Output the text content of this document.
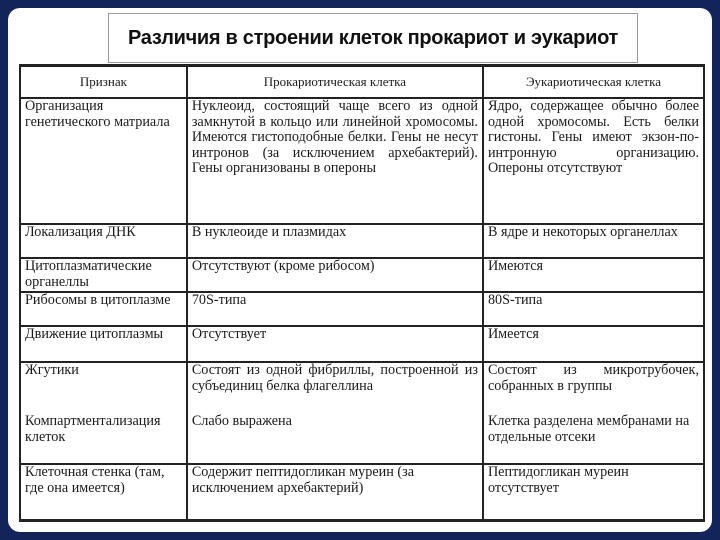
Различия в строении клеток прокариот и эукариот
Признак	Прокариотическая клетка	Эукариотическая клетка
Организация генетического матриала	Нуклеоид, состоящий чаще всего из одной замкнутой в кольцо или линейной хромосомы. Имеются гистоподобные белки. Гены не несут интронов (за исключением архебактерий). Гены организованы в опероны	Ядро, содержащее обычно более одной хромосомы. Есть белки гистоны. Гены имеют экзон-по-интронную организацию. Опероны отсутствуют
Локализация ДНК	В нуклеоиде и плазмидах	В ядре и некоторых органеллах
Цитоплазматические органеллы	Отсутствуют (кроме рибосом)	Имеются
Рибосомы в цитоплазме	70S-типа	80S-типа
Движение цитоплазмы	Отсутствует	Имеется
Жгутики	Состоят из одной фибриллы, построенной из субъединиц белка флагеллина	Состоят из микротрубочек, собранных в группы
Компартментализация клеток	Слабо выражена	Клетка разделена мембранами на отдельные отсеки
Клеточная стенка (там, где она имеется)	Содержит пептидогликан муреин (за исключением архебактерий)	Пептидогликан муреин отсутствует
